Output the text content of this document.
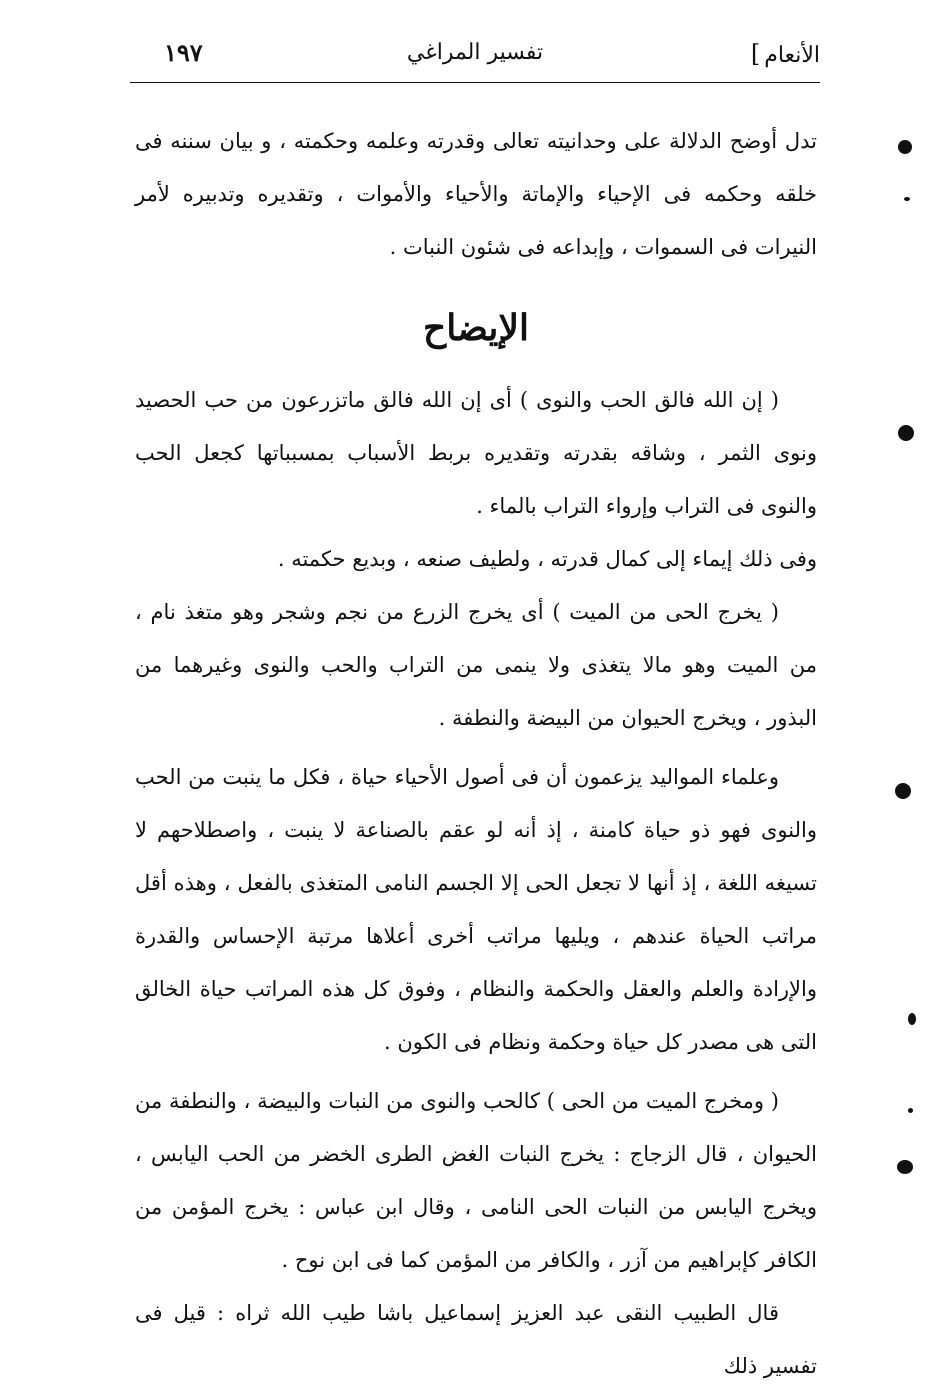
الأنعام]
تفسير المراغي
١٩٧

تدل أوضح الدلالة على وحدانيته تعالى وقدرته وعلمه وحكمته ، و بيان سننه فى خلقه وحكمه فى الإحياء والإماتة والأحياء والأموات ، وتقديره وتدبيره لأمر النيرات فى السموات ، وإبداعه فى شئون النبات .

الإيضاح

( إن الله فالق الحب والنوى ) أى إن الله فالق ماتزرعون من حب الحصيد ونوى الثمر ، وشاقه بقدرته وتقديره بربط الأسباب بمسبباتها كجعل الحب والنوى فى التراب وإرواء التراب بالماء .

وفى ذلك إيماء إلى كمال قدرته ، ولطيف صنعه ، وبديع حكمته .

( يخرج الحى من الميت ) أى يخرج الزرع من نجم وشجر وهو متغذ نام ، من الميت وهو مالا يتغذى ولا ينمى من التراب والحب والنوى وغيرهما من البذور ، ويخرج الحيوان من البيضة والنطفة .

وعلماء المواليد يزعمون أن فى أصول الأحياء حياة ، فكل ما ينبت من الحب والنوى فهو ذو حياة كامنة ، إذ أنه لو عقم بالصناعة لا ينبت ، واصطلاحهم لا تسيغه اللغة ، إذ أنها لا تجعل الحى إلا الجسم النامى المتغذى بالفعل ، وهذه أقل مراتب الحياة عندهم ، ويليها مراتب أخرى أعلاها مرتبة الإحساس والقدرة والإرادة والعلم والعقل والحكمة والنظام ، وفوق كل هذه المراتب حياة الخالق التى هى مصدر كل حياة وحكمة ونظام فى الكون .

( ومخرج الميت من الحى ) كالحب والنوى من النبات والبيضة ، والنطفة من الحيوان ، قال الزجاج : يخرج النبات الغض الطرى الخضر من الحب اليابس ، ويخرج اليابس من النبات الحى النامى ، وقال ابن عباس : يخرج المؤمن من الكافر كإبراهيم من آزر ، والكافر من المؤمن كما فى ابن نوح .

قال الطبيب النقى عبد العزيز إسماعيل باشا طيب الله ثراه : قيل فى تفسير ذلك
